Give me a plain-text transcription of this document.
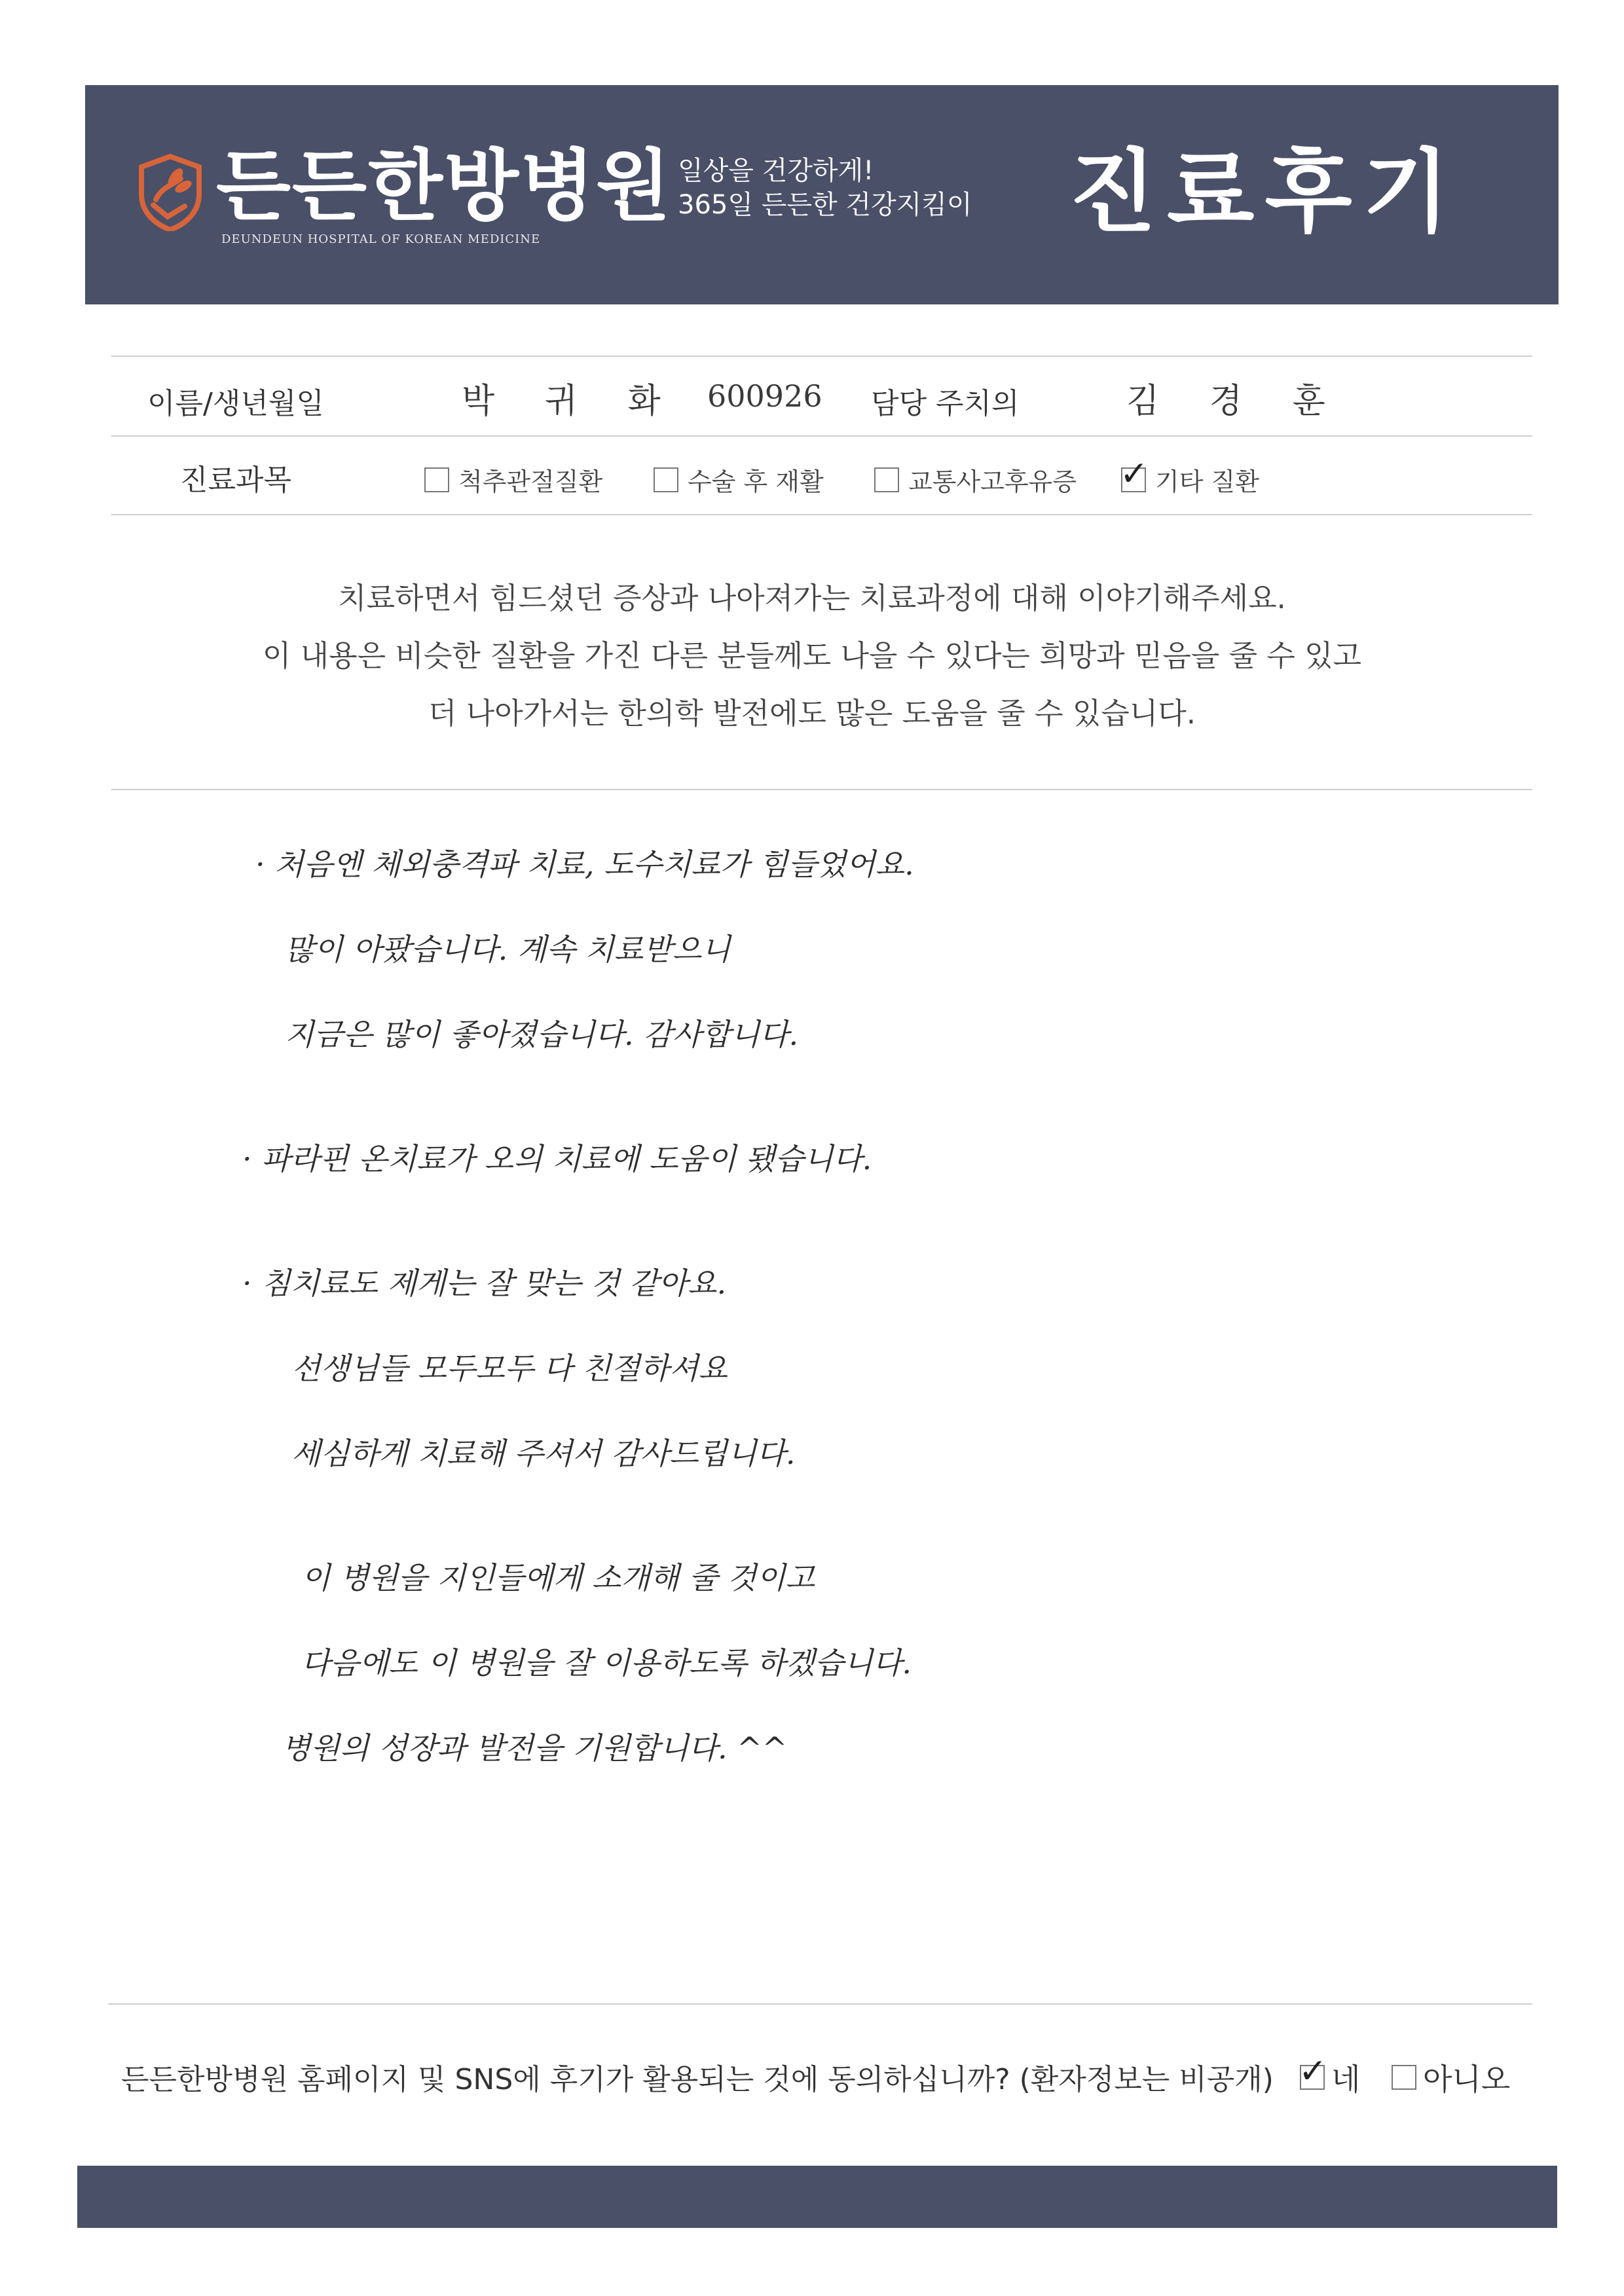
든든한방병원
DEUNDEUN HOSPITAL OF KOREAN MEDICINE
일상을 건강하게!
365일 든든한 건강지킴이 진료후기
이름/생년월일	박 귀 화 600926 담당 주치의	김 경 훈
진료과목	척추관절질환	수술 후 재활	교통사고후유증 ✓ 기타 질환
치료하면서 힘드셨던 증상과 나아져가는 치료과정에 대해 이야기해주세요.
이 내용은 비슷한 질환을 가진 다른 분들께도 나을 수 있다는 희망과 믿음을 줄 수 있고
더 나아가서는 한의학 발전에도 많은 도움을 줄 수 있습니다.
· 처음엔 체외충격파 치료, 도수치료가 힘들었어요.
많이 아팠습니다. 계속 치료받으니
지금은 많이 좋아졌습니다. 감사합니다.
· 파라핀 온치료가 오의 치료에 도움이 됐습니다.
· 침치료도 제게는 잘 맞는 것 같아요.
선생님들 모두모두 다 친절하셔요
세심하게 치료해 주셔서 감사드립니다.
이 병원을 지인들에게 소개해 줄 것이고
다음에도 이 병원을 잘 이용하도록 하겠습니다.
병원의 성장과 발전을 기원합니다. ^^
든든한방병원 홈페이지 및 SNS에 후기가 활용되는 것에 동의하십니까? (환자정보는 비공개) ✓ 네 아니오
